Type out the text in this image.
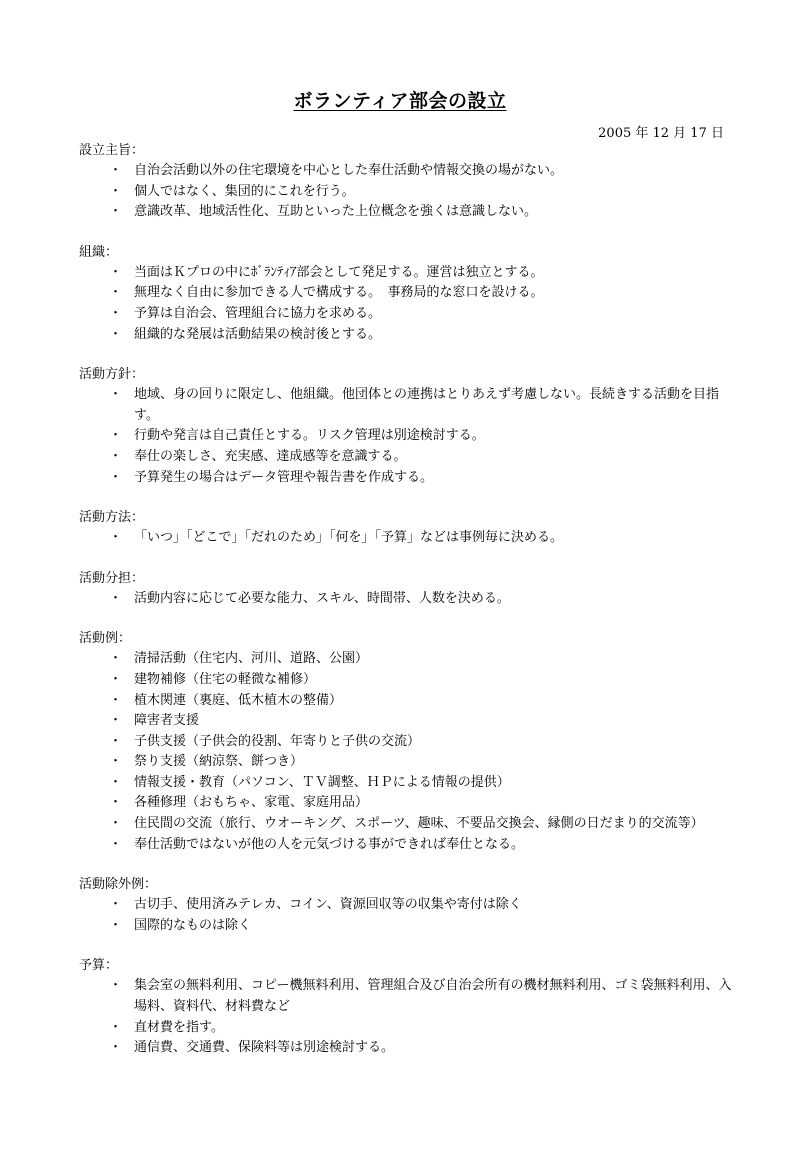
ボランティア部会の設立
2005 年 12 月 17 日
設立主旨：
・ 自治会活動以外の住宅環境を中心とした奉仕活動や情報交換の場がない。
・ 個人ではなく、集団的にこれを行う。
・ 意識改革、地域活性化、互助といった上位概念を強くは意識しない。
組織：
・ 当面はＫプロの中にﾎﾞﾗﾝﾃｨｱ部会として発足する。運営は独立とする。
・ 無理なく自由に参加できる人で構成する。　事務局的な窓口を設ける。
・ 予算は自治会、管理組合に協力を求める。
・ 組織的な発展は活動結果の検討後とする。
活動方針：
・ 地域、身の回りに限定し、他組織。他団体との連携はとりあえず考慮しない。長続きする活動を目指す。
・ 行動や発言は自己責任とする。リスク管理は別途検討する。
・ 奉仕の楽しさ、充実感、達成感等を意識する。
・ 予算発生の場合はデータ管理や報告書を作成する。
活動方法：
・ 「いつ」「どこで」「だれのため」「何を」「予算」などは事例毎に決める。
活動分担：
・ 活動内容に応じて必要な能力、スキル、時間帯、人数を決める。
活動例：
・ 清掃活動（住宅内、河川、道路、公園）
・ 建物補修（住宅の軽微な補修）
・ 植木関連（裏庭、低木植木の整備）
・ 障害者支援
・ 子供支援（子供会的役割、年寄りと子供の交流）
・ 祭り支援（納涼祭、餅つき）
・ 情報支援・教育（パソコン、ＴＶ調整、ＨＰによる情報の提供）
・ 各種修理（おもちゃ、家電、家庭用品）
・ 住民間の交流（旅行、ウオーキング、スポーツ、趣味、不要品交換会、縁側の日だまり的交流等）
・ 奉仕活動ではないが他の人を元気づける事ができれば奉仕となる。
活動除外例：
・ 古切手、使用済みテレカ、コイン、資源回収等の収集や寄付は除く
・ 国際的なものは除く
予算：
・ 集会室の無料利用、コピー機無料利用、管理組合及び自治会所有の機材無料利用、ゴミ袋無料利用、入場料、資料代、材料費など
・ 直材費を指す。
・ 通信費、交通費、保険料等は別途検討する。
